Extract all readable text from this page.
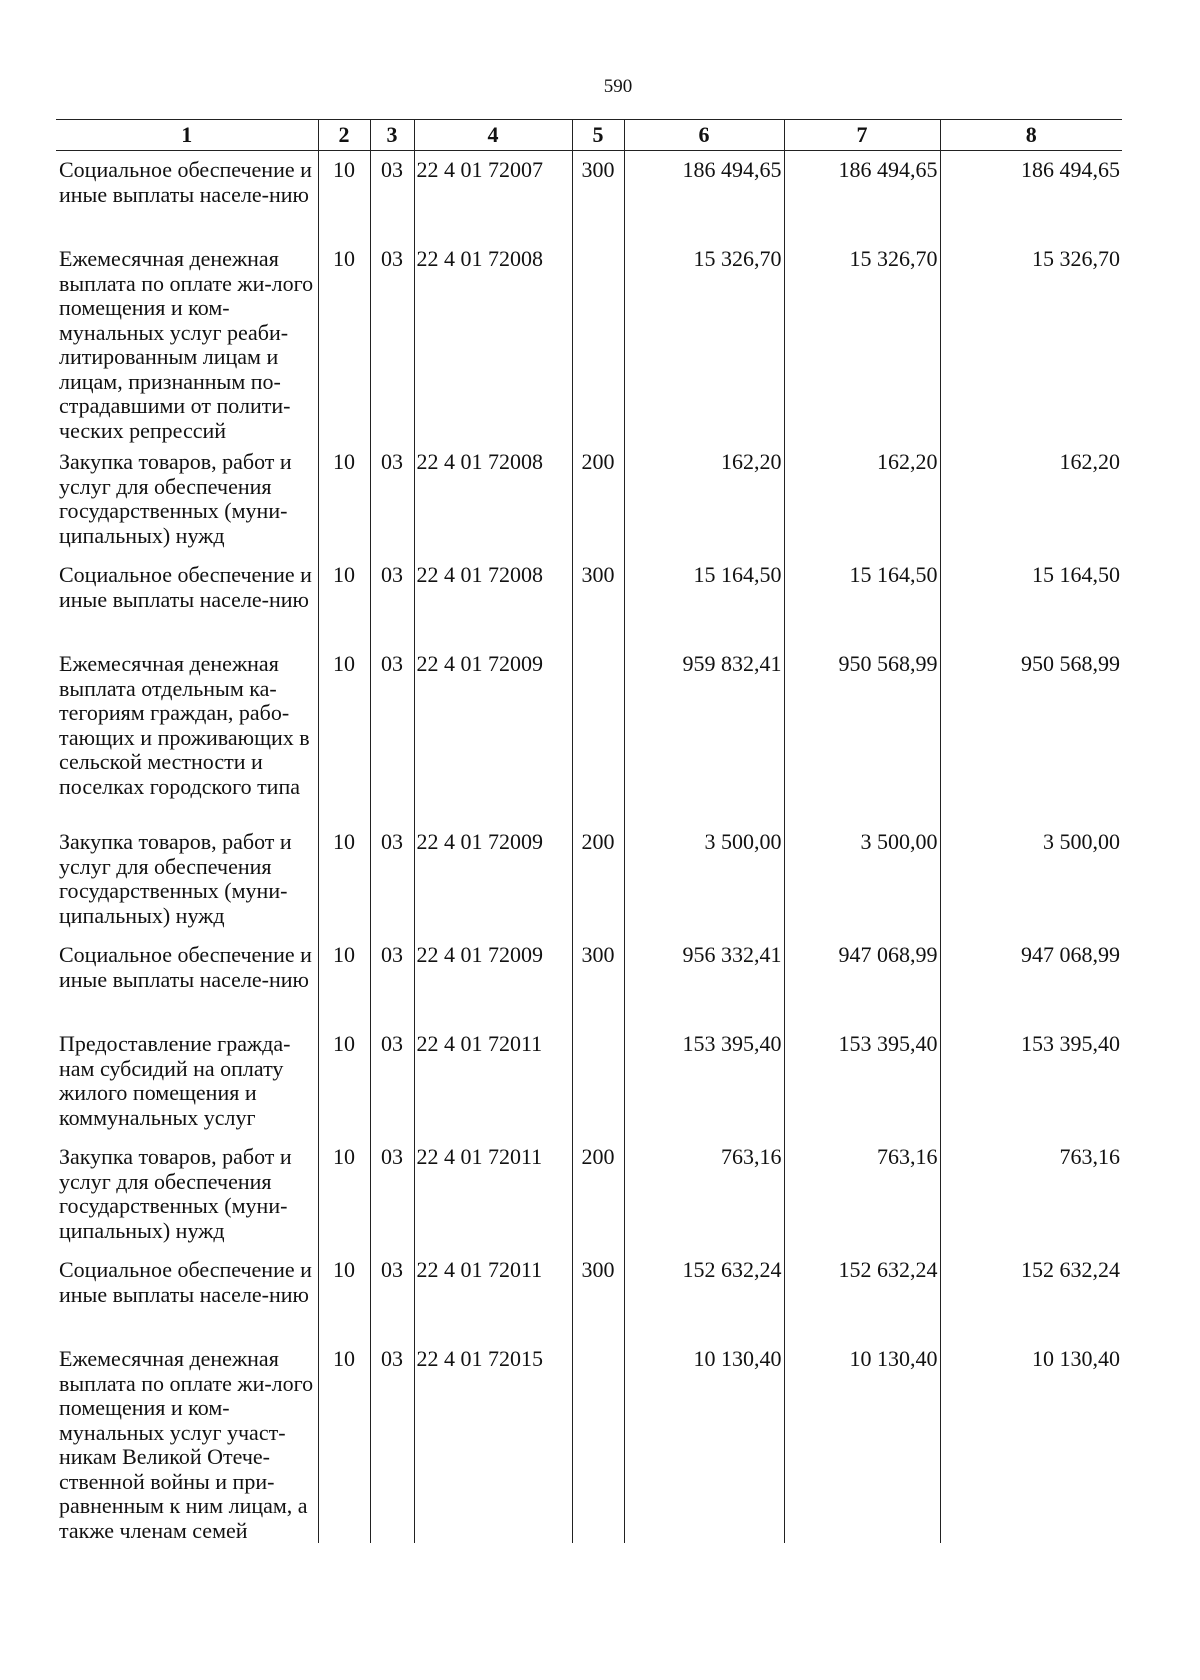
590
1	2	3	4	5	6	7	8
Социальное обеспечение и иные выплаты населе-нию	10	03	22 4 01 72007	300	186 494,65	186 494,65	186 494,65
Ежемесячная денежная выплата по оплате жи-лого помещения и ком-мунальных услуг реаби-литированным лицам и лицам, признанным по-страдавшими от полити-ческих репрессий	10	03	22 4 01 72008		15 326,70	15 326,70	15 326,70
Закупка товаров, работ и услуг для обеспечения государственных (муни-ципальных) нужд	10	03	22 4 01 72008	200	162,20	162,20	162,20
Социальное обеспечение и иные выплаты населе-нию	10	03	22 4 01 72008	300	15 164,50	15 164,50	15 164,50
Ежемесячная денежная выплата отдельным ка-тегориям граждан, рабо-тающих и проживающих в сельской местности и поселках городского типа	10	03	22 4 01 72009		959 832,41	950 568,99	950 568,99
Закупка товаров, работ и услуг для обеспечения государственных (муни-ципальных) нужд	10	03	22 4 01 72009	200	3 500,00	3 500,00	3 500,00
Социальное обеспечение и иные выплаты населе-нию	10	03	22 4 01 72009	300	956 332,41	947 068,99	947 068,99
Предоставление гражда-нам субсидий на оплату жилого помещения и коммунальных услуг	10	03	22 4 01 72011		153 395,40	153 395,40	153 395,40
Закупка товаров, работ и услуг для обеспечения государственных (муни-ципальных) нужд	10	03	22 4 01 72011	200	763,16	763,16	763,16
Социальное обеспечение и иные выплаты населе-нию	10	03	22 4 01 72011	300	152 632,24	152 632,24	152 632,24
Ежемесячная денежная выплата по оплате жи-лого помещения и ком-мунальных услуг участ-никам Великой Отече-ственной войны и при-равненным к ним лицам, а также членам семей	10	03	22 4 01 72015		10 130,40	10 130,40	10 130,40
